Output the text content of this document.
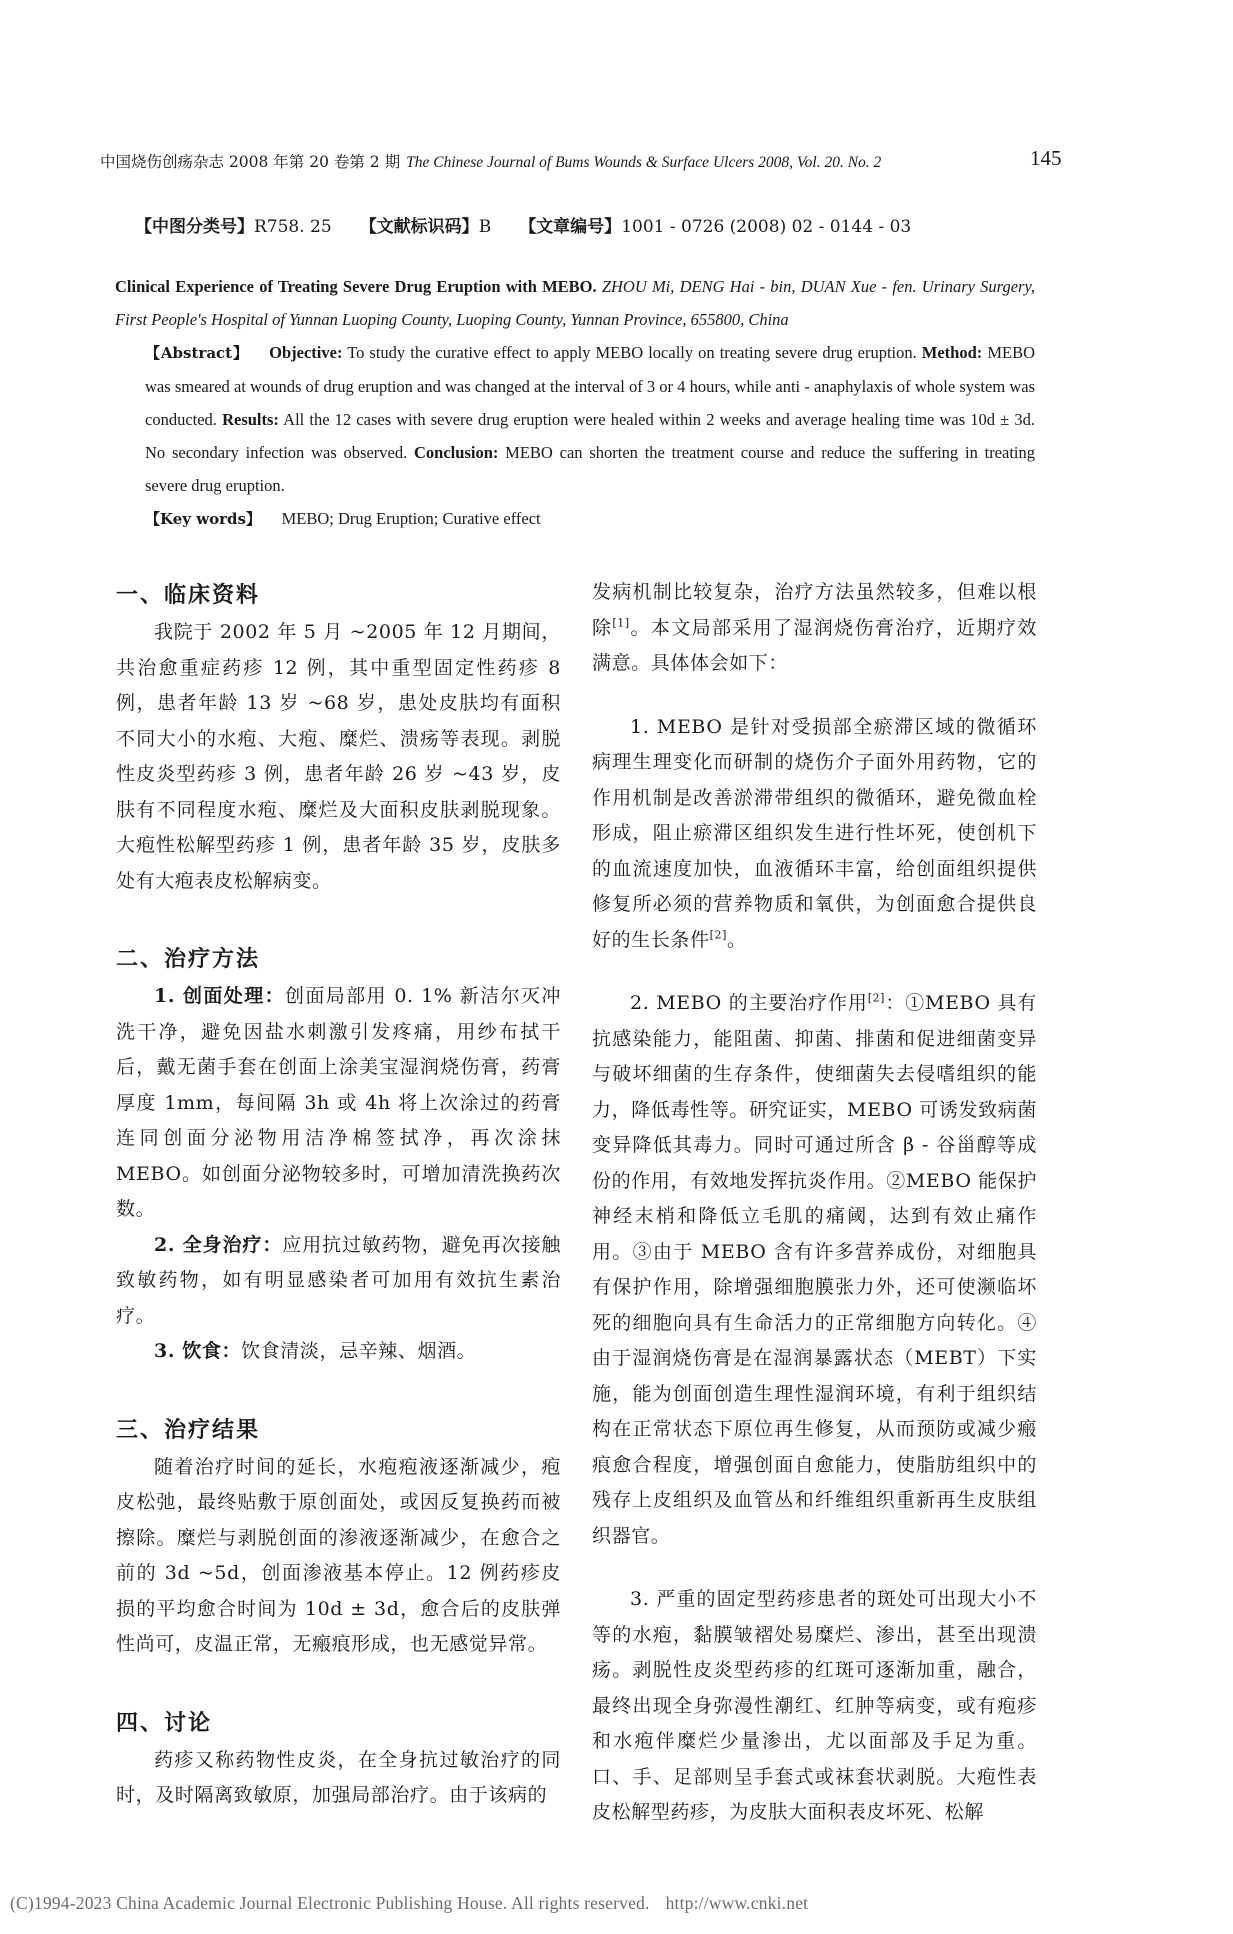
中国烧伤创疡杂志 2008 年第 20 卷第 2 期 The Chinese Journal of Bums Wounds & Surface Ulcers 2008, Vol. 20. No. 2	145
【中图分类号】R758. 25 【文献标识码】B 【文章编号】1001 - 0726 (2008) 02 - 0144 - 03

Clinical Experience of Treating Severe Drug Eruption with MEBO. ZHOU Mi, DENG Hai - bin, DUAN Xue - fen. Urinary Surgery, First People's Hospital of Yunnan Luoping County, Luoping County, Yunnan Province, 655800, China

【Abstract】 Objective: To study the curative effect to apply MEBO locally on treating severe drug eruption. Method: MEBO was smeared at wounds of drug eruption and was changed at the interval of 3 or 4 hours, while anti - anaphylaxis of whole system was conducted. Results: All the 12 cases with severe drug eruption were healed within 2 weeks and average healing time was 10d ± 3d. No secondary infection was observed. Conclusion: MEBO can shorten the treatment course and reduce the suffering in treating severe drug eruption.

【Key words】 MEBO; Drug Eruption; Curative effect

一、临床资料

我院于 2002 年 5 月 ~2005 年 12 月期间，共治愈重症药疹 12 例，其中重型固定性药疹 8 例，患者年龄 13 岁 ~68 岁，患处皮肤均有面积不同大小的水疱、大疱、糜烂、溃疡等表现。剥脱性皮炎型药疹 3 例，患者年龄 26 岁 ~43 岁，皮肤有不同程度水疱、糜烂及大面积皮肤剥脱现象。大疱性松解型药疹 1 例，患者年龄 35 岁，皮肤多处有大疱表皮松解病变。

二、治疗方法

1. 创面处理：创面局部用 0. 1% 新洁尔灭冲洗干净，避免因盐水刺激引发疼痛，用纱布拭干后，戴无菌手套在创面上涂美宝湿润烧伤膏，药膏厚度 1mm，每间隔 3h 或 4h 将上次涂过的药膏连同创面分泌物用洁净棉签拭净，再次涂抹 MEBO。如创面分泌物较多时，可增加清洗换药次数。

2. 全身治疗：应用抗过敏药物，避免再次接触致敏药物，如有明显感染者可加用有效抗生素治疗。

3. 饮食：饮食清淡，忌辛辣、烟酒。

三、治疗结果

随着治疗时间的延长，水疱疱液逐渐减少，疱皮松弛，最终贴敷于原创面处，或因反复换药而被擦除。糜烂与剥脱创面的渗液逐渐减少，在愈合之前的 3d ~5d，创面渗液基本停止。12 例药疹皮损的平均愈合时间为 10d ± 3d，愈合后的皮肤弹性尚可，皮温正常，无瘢痕形成，也无感觉异常。

四、讨论

药疹又称药物性皮炎，在全身抗过敏治疗的同时，及时隔离致敏原，加强局部治疗。由于该病的

发病机制比较复杂，治疗方法虽然较多，但难以根除[1]。本文局部采用了湿润烧伤膏治疗，近期疗效满意。具体体会如下：

1. MEBO 是针对受损部全瘀滞区域的微循环病理生理变化而研制的烧伤介子面外用药物，它的作用机制是改善淤滞带组织的微循环，避免微血栓形成，阻止瘀滞区组织发生进行性坏死，使创机下的血流速度加快，血液循环丰富，给创面组织提供修复所必须的营养物质和氧供，为创面愈合提供良好的生长条件[2]。

2. MEBO 的主要治疗作用[2]：①MEBO 具有抗感染能力，能阻菌、抑菌、排菌和促进细菌变异与破坏细菌的生存条件，使细菌失去侵嗜组织的能力，降低毒性等。研究证实，MEBO 可诱发致病菌变异降低其毒力。同时可通过所含 β - 谷甾醇等成份的作用，有效地发挥抗炎作用。②MEBO 能保护神经末梢和降低立毛肌的痛阈，达到有效止痛作用。③由于 MEBO 含有许多营养成份，对细胞具有保护作用，除增强细胞膜张力外，还可使濒临坏死的细胞向具有生命活力的正常细胞方向转化。④由于湿润烧伤膏是在湿润暴露状态（MEBT）下实施，能为创面创造生理性湿润环境，有利于组织结构在正常状态下原位再生修复，从而预防或减少瘢痕愈合程度，增强创面自愈能力，使脂肪组织中的残存上皮组织及血管丛和纤维组织重新再生皮肤组织器官。

3. 严重的固定型药疹患者的斑处可出现大小不等的水疱，黏膜皱褶处易糜烂、渗出，甚至出现溃疡。剥脱性皮炎型药疹的红斑可逐渐加重，融合，最终出现全身弥漫性潮红、红肿等病变，或有疱疹和水疱伴糜烂少量渗出，尤以面部及手足为重。口、手、足部则呈手套式或袜套状剥脱。大疱性表皮松解型药疹，为皮肤大面积表皮坏死、松解

(C)1994-2023 China Academic Journal Electronic Publishing House. All rights reserved. http://www.cnki.net
